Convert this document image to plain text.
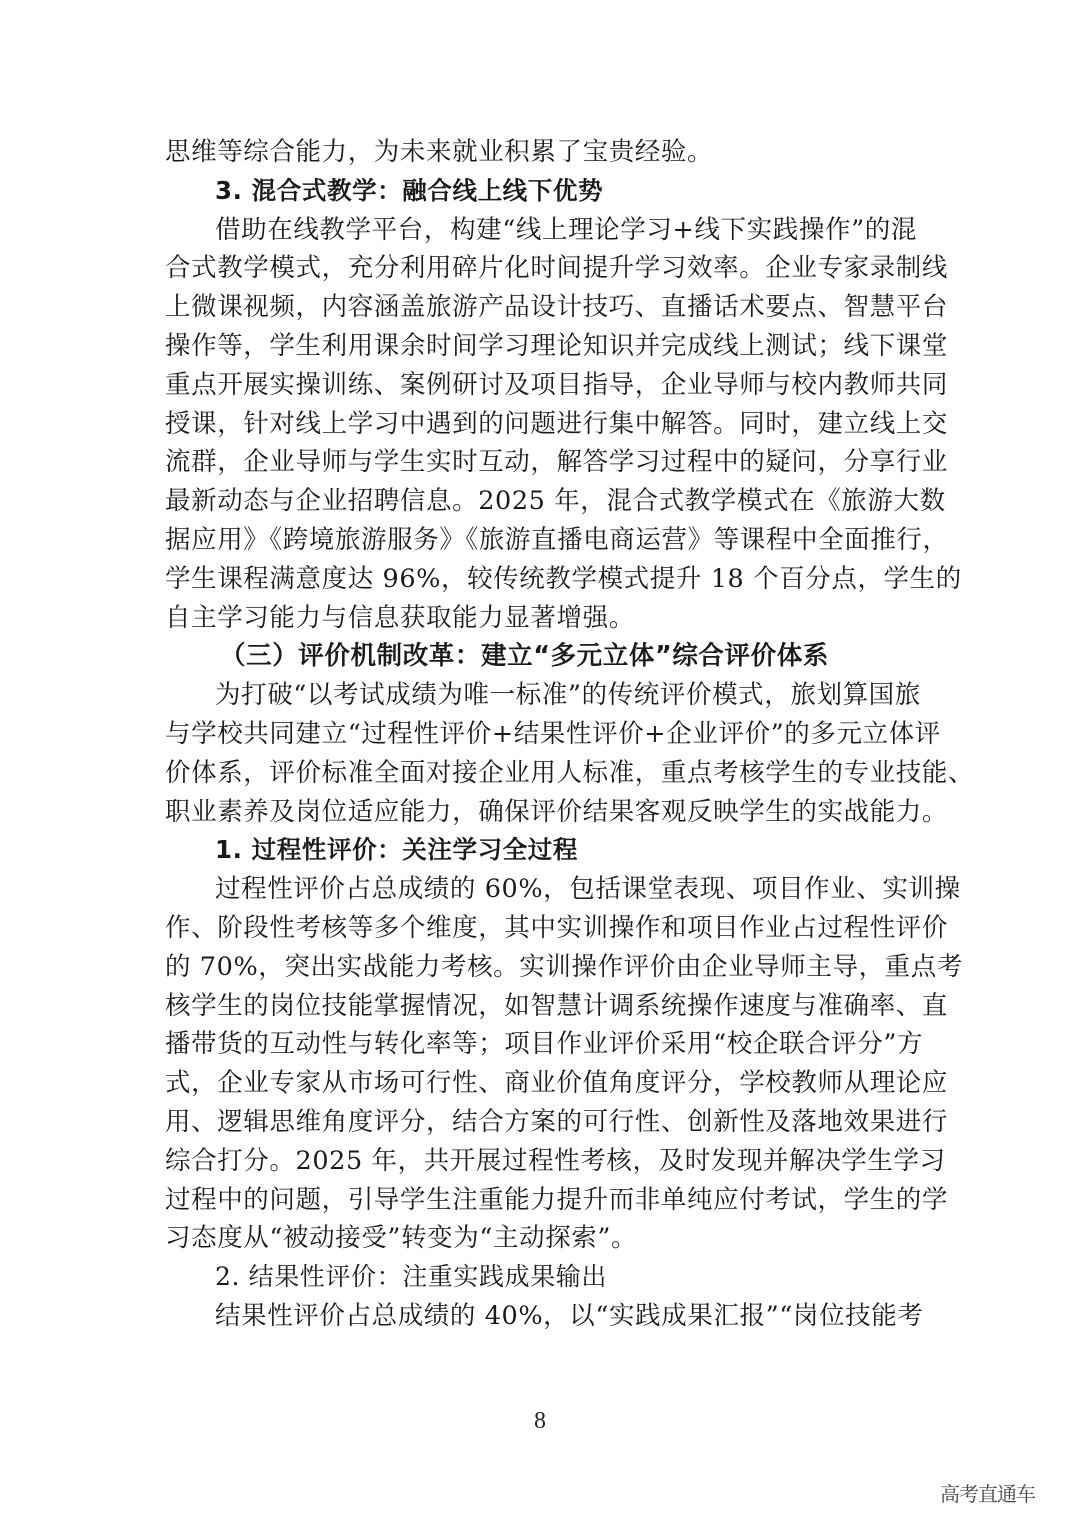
思维等综合能力，为未来就业积累了宝贵经验。
3. 混合式教学：融合线上线下优势
借助在线教学平台，构建“线上理论学习+线下实践操作”的混
合式教学模式，充分利用碎片化时间提升学习效率。企业专家录制线
上微课视频，内容涵盖旅游产品设计技巧、直播话术要点、智慧平台
操作等，学生利用课余时间学习理论知识并完成线上测试；线下课堂
重点开展实操训练、案例研讨及项目指导，企业导师与校内教师共同
授课，针对线上学习中遇到的问题进行集中解答。同时，建立线上交
流群，企业导师与学生实时互动，解答学习过程中的疑问，分享行业
最新动态与企业招聘信息。2025 年，混合式教学模式在《旅游大数
据应用》《跨境旅游服务》《旅游直播电商运营》等课程中全面推行，
学生课程满意度达 96%，较传统教学模式提升 18 个百分点，学生的
自主学习能力与信息获取能力显著增强。
（三）评价机制改革：建立“多元立体”综合评价体系
为打破“以考试成绩为唯一标准”的传统评价模式，旅划算国旅
与学校共同建立“过程性评价+结果性评价+企业评价”的多元立体评
价体系，评价标准全面对接企业用人标准，重点考核学生的专业技能、
职业素养及岗位适应能力，确保评价结果客观反映学生的实战能力。
1. 过程性评价：关注学习全过程
过程性评价占总成绩的 60%，包括课堂表现、项目作业、实训操
作、阶段性考核等多个维度，其中实训操作和项目作业占过程性评价
的 70%，突出实战能力考核。实训操作评价由企业导师主导，重点考
核学生的岗位技能掌握情况，如智慧计调系统操作速度与准确率、直
播带货的互动性与转化率等；项目作业评价采用“校企联合评分”方
式，企业专家从市场可行性、商业价值角度评分，学校教师从理论应
用、逻辑思维角度评分，结合方案的可行性、创新性及落地效果进行
综合打分。2025 年，共开展过程性考核，及时发现并解决学生学习
过程中的问题，引导学生注重能力提升而非单纯应付考试，学生的学
习态度从“被动接受”转变为“主动探索”。
2. 结果性评价：注重实践成果输出
结果性评价占总成绩的 40%，以“实践成果汇报”“岗位技能考
8
高考直通车
